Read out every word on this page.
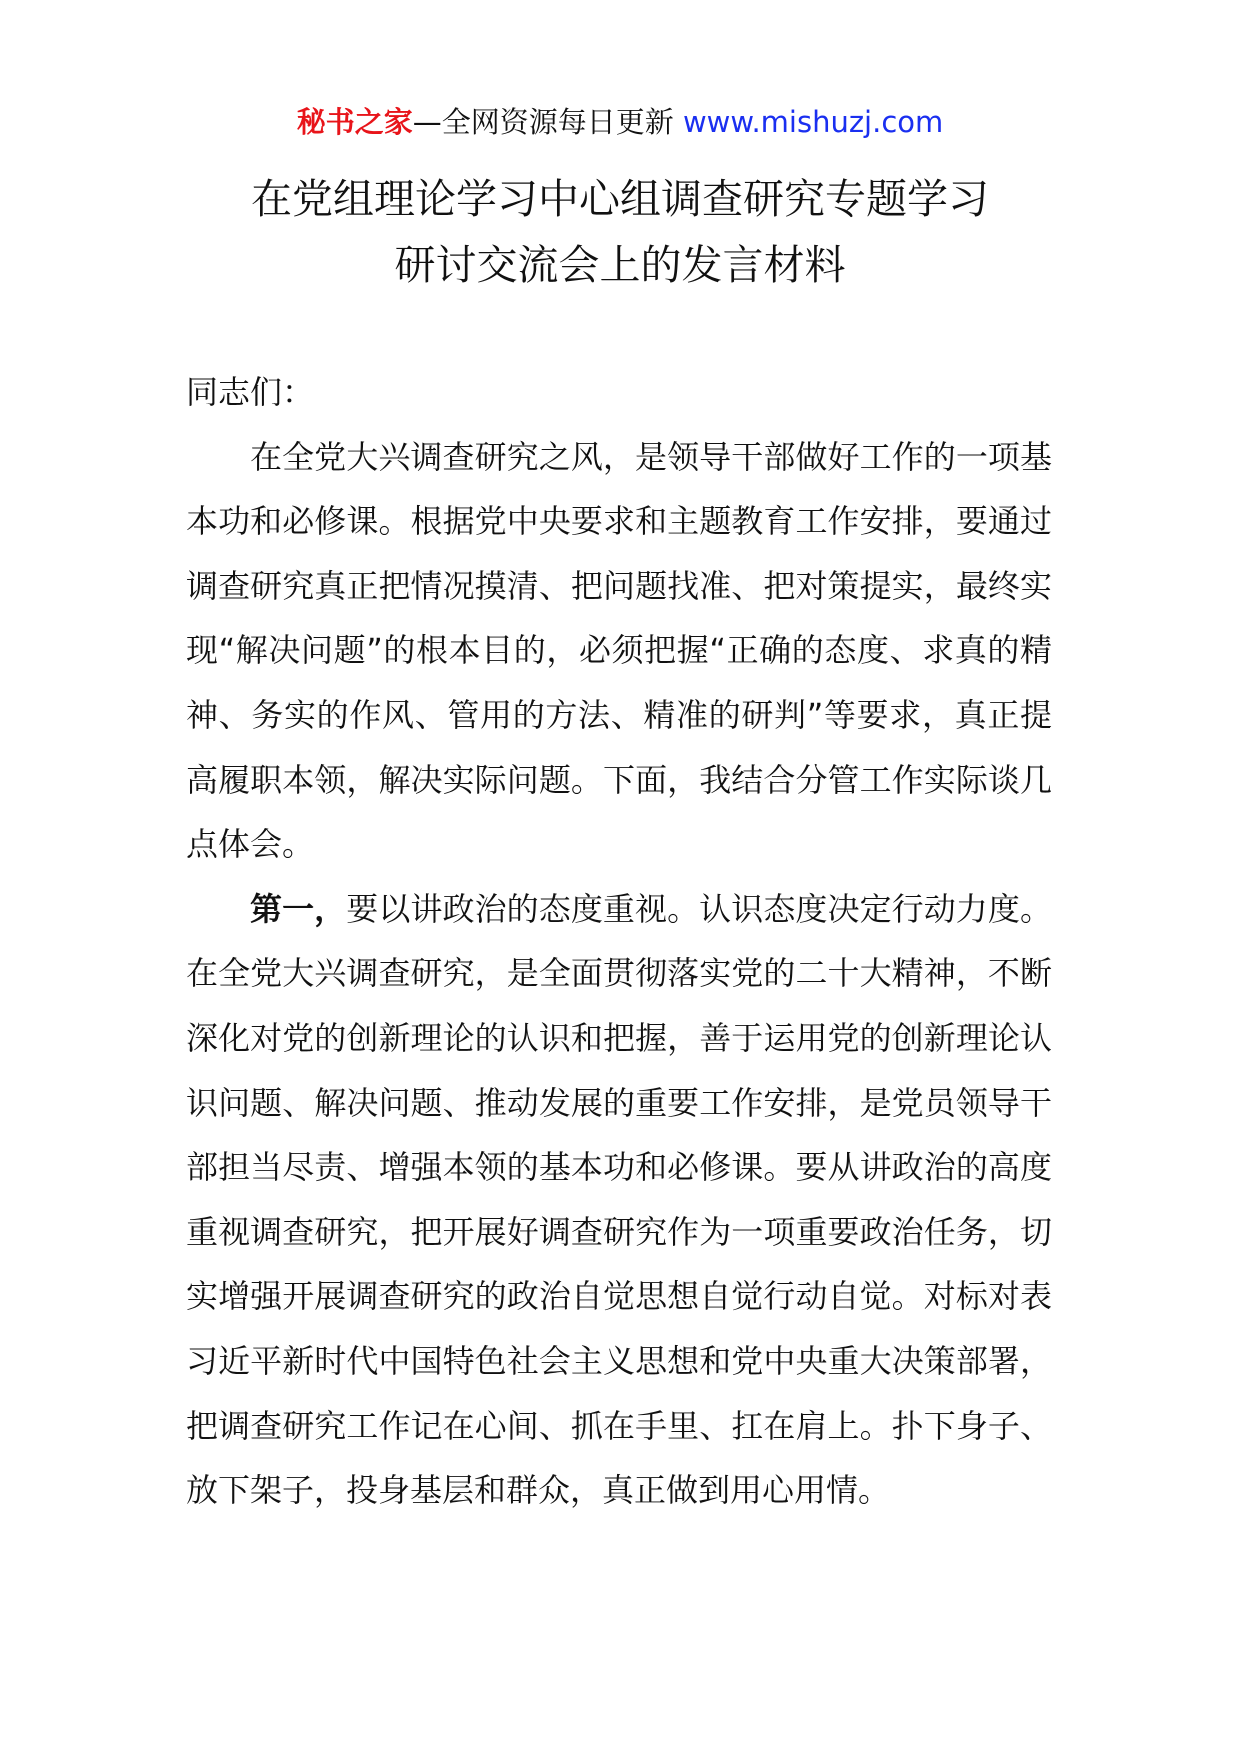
秘书之家—全网资源每日更新 www.mishuzj.com
在党组理论学习中心组调查研究专题学习
研讨交流会上的发言材料

同志们：

在全党大兴调查研究之风，是领导干部做好工作的一项基本功和必修课。根据党中央要求和主题教育工作安排，要通过调查研究真正把情况摸清、把问题找准、把对策提实，最终实现“解决问题”的根本目的，必须把握“正确的态度、求真的精神、务实的作风、管用的方法、精准的研判”等要求，真正提高履职本领，解决实际问题。下面，我结合分管工作实际谈几点体会。

第一，要以讲政治的态度重视。认识态度决定行动力度。在全党大兴调查研究，是全面贯彻落实党的二十大精神，不断深化对党的创新理论的认识和把握，善于运用党的创新理论认识问题、解决问题、推动发展的重要工作安排，是党员领导干部担当尽责、增强本领的基本功和必修课。要从讲政治的高度重视调查研究，把开展好调查研究作为一项重要政治任务，切实增强开展调查研究的政治自觉思想自觉行动自觉。对标对表习近平新时代中国特色社会主义思想和党中央重大决策部署，把调查研究工作记在心间、抓在手里、扛在肩上。扑下身子、放下架子，投身基层和群众，真正做到用心用情。
